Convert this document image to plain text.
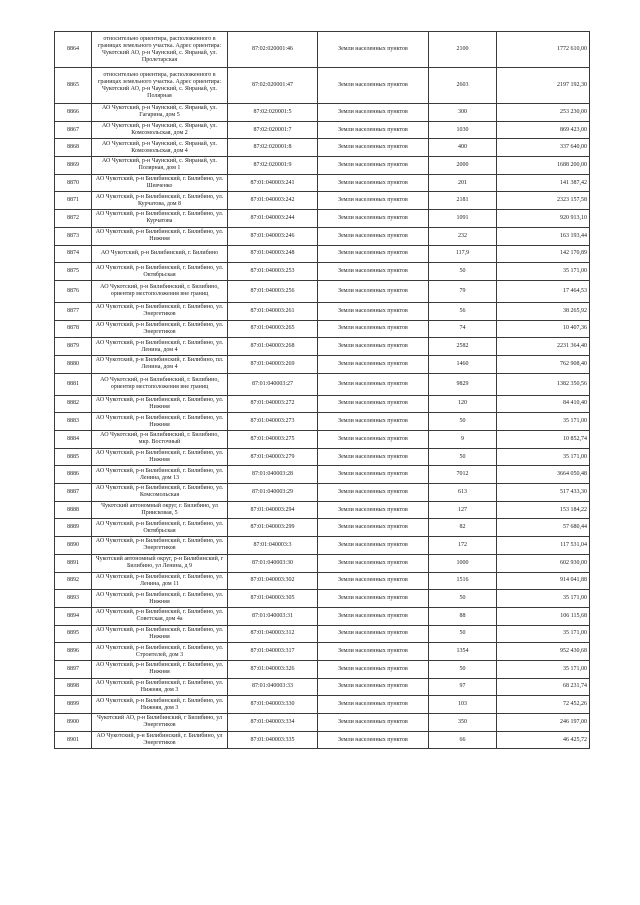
8864	относительно ориентира, расположенного в границах земельного участка. Адрес ориентира: Чукотский АО, р-н Чаунский, с. Янранай, ул. Пролетарская	87:02:020001:46	Земли населенных пунктов	2100	1772 610,00
8865	относительно ориентира, расположенного в границах земельного участка. Адрес ориентира: Чукотский АО, р-н Чаунский, с. Янранай, ул. Полярная	87:02:020001:47	Земли населенных пунктов	2603	2197 192,30
8866	АО Чукотский, р-н Чаунский, с. Янранай, ул. Гагарина, дом 5	87:02:020001:5	Земли населенных пунктов	300	253 230,00
8867	АО Чукотский, р-н Чаунский, с. Янранай, ул. Комсомольская, дом 2	87:02:020001:7	Земли населенных пунктов	1030	869 423,00
8868	АО Чукотский, р-н Чаунский, с. Янранай, ул. Комсомольская, дом 4	87:02:020001:8	Земли населенных пунктов	400	337 640,00
8869	АО Чукотский, р-н Чаунский, с. Янранай, ул. Полярная, дом 1	87:02:020001:9	Земли населенных пунктов	2000	1688 200,00
8870	АО Чукотский, р-н Билибинский, г. Билибино, ул. Шевченко	87:01:040003:241	Земли населенных пунктов	201	141 387,42
8871	АО Чукотский, р-н Билибинский, г. Билибино, ул. Курчатова, дом 8	87:01:040003:242	Земли населенных пунктов	2181	2323 157,58
8872	АО Чукотский, р-н Билибинский, г. Билибино, ул. Курчатова	87:01:040003:244	Земли населенных пунктов	1091	920 913,10
8873	АО Чукотский, р-н Билибинский, г. Билибино, ул. Нижняя	87:01:040003:246	Земли населенных пунктов	232	163 193,44
8874	АО Чукотский, р-н Билибинский, г. Билибино	87:01:040003:248	Земли населенных пунктов	117,9	142 170,89
8875	АО Чукотский, р-н Билибинский, г. Билибино, ул. Октябрьская	87:01:040003:253	Земли населенных пунктов	50	35 171,00
8876	АО Чукотский, р-н Билибинский, г. Билибино, ориентир местоположения вне границ	87:01:040003:256	Земли населенных пунктов	79	17 464,53
8877	АО Чукотский, р-н Билибинский, г. Билибино, ул. Энергетиков	87:01:040003:261	Земли населенных пунктов	56	38 265,92
8878	АО Чукотский, р-н Билибинский, г. Билибино, ул. Энергетиков	87:01:040003:265	Земли населенных пунктов	74	10 407,36
8879	АО Чукотский, р-н Билибинский, г. Билибино, ул. Ленина, дом 4	87:01:040003:268	Земли населенных пунктов	2582	2231 364,40
8880	АО Чукотский, р-н Билибинский, г. Билибино, пл. Ленина, дом 4	87:01:040003:269	Земли населенных пунктов	1460	762 908,40
8881	АО Чукотский, р-н Билибинский, г. Билибино, ориентир местоположения вне границ	87:01:040003:27	Земли населенных пунктов	9829	1382 350,56
8882	АО Чукотский, р-н Билибинский, г. Билибино, ул. Нижняя	87:01:040003:272	Земли населенных пунктов	120	84 410,40
8883	АО Чукотский, р-н Билибинский, г. Билибино, ул. Нижняя	87:01:040003:273	Земли населенных пунктов	50	35 171,00
8884	АО Чукотский, р-н Билибинский, г. Билибино, мкр. Восточный	87:01:040003:275	Земли населенных пунктов	9	10 852,74
8885	АО Чукотский, р-н Билибинский, г. Билибино, ул. Нижняя	87:01:040003:279	Земли населенных пунктов	50	35 171,00
8886	АО Чукотский, р-н Билибинский, г. Билибино, ул. Ленина, дом 13	87:01:040003:28	Земли населенных пунктов	7012	3664 050,48
8887	АО Чукотский, р-н Билибинский, г. Билибино, ул. Комсомольская	87:01:040003:29	Земли населенных пунктов	613	517 433,30
8888	Чукотский автономный округ, г. Билибино, ул Приисковая, 5	87:01:040003:294	Земли населенных пунктов	127	153 184,22
8889	АО Чукотский, р-н Билибинский, г. Билибино, ул. Октябрьская	87:01:040003:299	Земли населенных пунктов	82	57 680,44
8890	АО Чукотский, р-н Билибинский, г. Билибино, ул. Энергетиков	87:01:040003:3	Земли населенных пунктов	172	117 531,04
8891	Чукотский автономный округ, р-н Билибинский, г Билибино, ул Ленина, д 9	87:01:040003:30	Земли населенных пунктов	1000	602 930,00
8892	АО Чукотский, р-н Билибинский, г. Билибино, ул. Ленина, дом 11	87:01:040003:302	Земли населенных пунктов	1516	914 041,88
8893	АО Чукотский, р-н Билибинский, г. Билибино, ул. Нижняя	87:01:040003:305	Земли населенных пунктов	50	35 171,00
8894	АО Чукотский, р-н Билибинский, г. Билибино, ул. Советская, дом 4а	87:01:040003:31	Земли населенных пунктов	88	106 115,68
8895	АО Чукотский, р-н Билибинский, г. Билибино, ул. Нижняя	87:01:040003:312	Земли населенных пунктов	50	35 171,00
8896	АО Чукотский, р-н Билибинский, г. Билибино, ул. Строителей, дом 3	87:01:040003:317	Земли населенных пунктов	1354	952 430,68
8897	АО Чукотский, р-н Билибинский, г. Билибино, ул. Нижняя	87:01:040003:326	Земли населенных пунктов	50	35 171,00
8898	АО Чукотский, р-н Билибинский, г. Билибино, ул. Нижняя, дом 3	87:01:040003:33	Земли населенных пунктов	97	68 231,74
8899	АО Чукотский, р-н Билибинский, г. Билибино, ул. Нижняя, дом 3	87:01:040003:330	Земли населенных пунктов	103	72 452,26
8900	Чукотский АО, р-н Билибинский, г Билибино, ул Энергетиков	87:01:040003:334	Земли населенных пунктов	350	246 197,00
8901	АО Чукотский, р-н Билибинский, г. Билибино, ул Энергетиков	87:01:040003:335	Земли населенных пунктов	66	46 425,72
